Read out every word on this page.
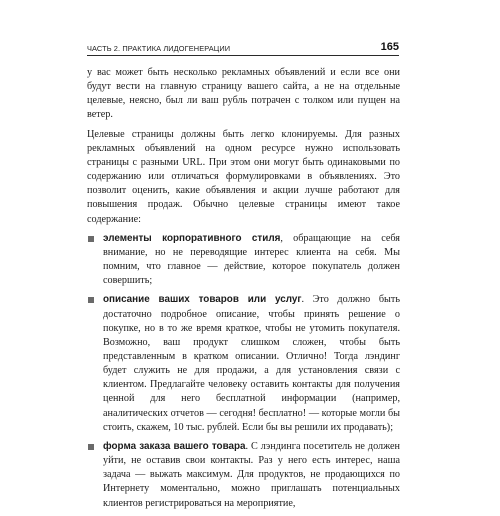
ЧАСТЬ 2. ПРАКТИКА ЛИДОГЕНЕРАЦИИ	165

у вас может быть несколько рекламных объявлений и если все они будут вести на главную страницу вашего сайта, а не на отдельные целевые, неясно, был ли ваш рубль потрачен с толком или пущен на ветер.

Целевые страницы должны быть легко клонируемы. Для разных рекламных объявлений на одном ресурсе нужно использовать страницы с разными URL. При этом они могут быть одинаковыми по содержанию или отличаться формулировками в объявлениях. Это позволит оценить, какие объявления и акции лучше работают для повышения продаж. Обычно целевые страницы имеют такое содержание:

элементы корпоративного стиля, обращающие на себя внимание, но не переводящие интерес клиента на себя. Мы помним, что главное — действие, которое покупатель должен совершить;
описание ваших товаров или услуг. Это должно быть достаточно подробное описание, чтобы принять решение о покупке, но в то же время краткое, чтобы не утомить покупателя. Возможно, ваш продукт слишком сложен, чтобы быть представленным в кратком описании. Отлично! Тогда лэндинг будет служить не для продажи, а для установления связи с клиентом. Предлагайте человеку оставить контакты для получения ценной для него бесплатной информации (например, аналитических отчетов — сегодня! бесплатно! — которые могли бы стоить, скажем, 10 тыс. рублей. Если бы вы решили их продавать);
форма заказа вашего товара. С лэндинга посетитель не должен уйти, не оставив свои контакты. Раз у него есть интерес, наша задача — выжать максимум. Для продуктов, не продающихся по Интернету моментально, можно приглашать потенциальных клиентов регистрироваться на мероприятие,
